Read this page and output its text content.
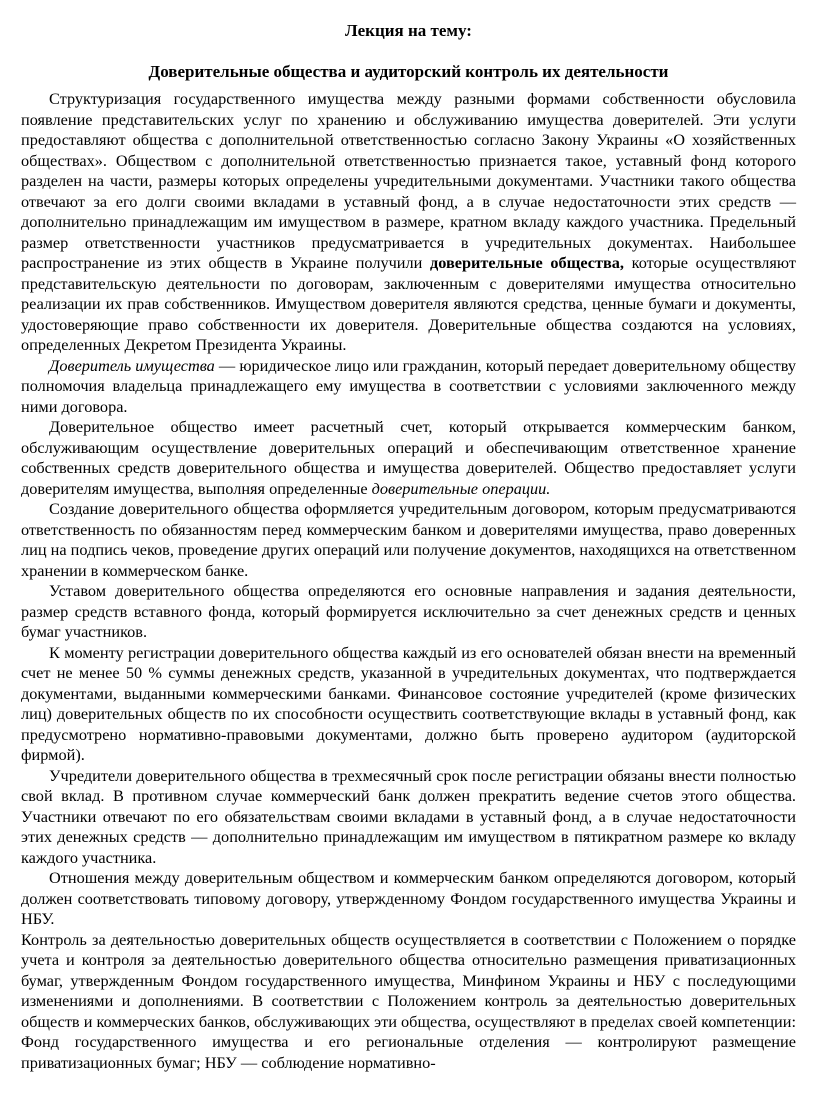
Лекция на тему:
Доверительные общества и аудиторский контроль их деятельности

Структуризация государственного имущества между разными формами собственности обусловила появление представительских услуг по хранению и обслуживанию имущества доверителей. Эти услуги предоставляют общества с дополнительной ответственностью согласно Закону Украины «О хозяйственных обществах». Обществом с дополнительной ответственностью признается такое, уставный фонд которого разделен на части, размеры которых определены учредительными документами. Участники такого общества отвечают за его долги своими вкладами в уставный фонд, а в случае недостаточности этих средств — дополнительно принадлежащим им имуществом в размере, кратном вкладу каждого участника. Предельный размер ответственности участников предусматривается в учредительных документах. Наибольшее распространение из этих обществ в Украине получили доверительные общества, которые осуществляют представительскую деятельности по договорам, заключенным с доверителями имущества относительно реализации их прав собственников. Имуществом доверителя являются средства, ценные бумаги и документы, удостоверяющие право собственности их доверителя. Доверительные общества создаются на условиях, определенных Декретом Президента Украины.

Доверитель имущества — юридическое лицо или гражданин, который передает доверительному обществу полномочия владельца принадлежащего ему имущества в соответствии с условиями заключенного между ними договора.

Доверительное общество имеет расчетный счет, который открывается коммерческим банком, обслуживающим осуществление доверительных операций и обеспечивающим ответственное хранение собственных средств доверительного общества и имущества доверителей. Общество предоставляет услуги доверителям имущества, выполняя определенные доверительные операции.

Создание доверительного общества оформляется учредительным договором, которым предусматриваются ответственность по обязанностям перед коммерческим банком и доверителями имущества, право доверенных лиц на подпись чеков, проведение других операций или получение документов, находящихся на ответственном хранении в коммерческом банке.

Уставом доверительного общества определяются его основные направления и задания деятельности, размер средств вставного фонда, который формируется исключительно за счет денежных средств и ценных бумаг участников.

К моменту регистрации доверительного общества каждый из его основателей обязан внести на временный счет не менее 50 % суммы денежных средств, указанной в учредительных документах, что подтверждается документами, выданными коммерческими банками. Финансовое состояние учредителей (кроме физических лиц) доверительных обществ по их способности осуществить соответствующие вклады в уставный фонд, как предусмотрено нормативно-правовыми документами, должно быть проверено аудитором (аудиторской фирмой).

Учредители доверительного общества в трехмесячный срок после регистрации обязаны внести полностью свой вклад. В противном случае коммерческий банк должен прекратить ведение счетов этого общества. Участники отвечают по его обязательствам своими вкладами в уставный фонд, а в случае недостаточности этих денежных средств — дополнительно принадлежащим им имуществом в пятикратном размере ко вкладу каждого участника.

Отношения между доверительным обществом и коммерческим банком определяются договором, который должен соответствовать типовому договору, утвержденному Фондом государственного имущества Украины и НБУ.

Контроль за деятельностью доверительных обществ осуществляется в соответствии с Положением о порядке учета и контроля за деятельностью доверительного общества относительно размещения приватизационных бумаг, утвержденным Фондом государственного имущества, Минфином Украины и НБУ с последующими изменениями и дополнениями. В соответствии с Положением контроль за деятельностью доверительных обществ и коммерческих банков, обслуживающих эти общества, осуществляют в пределах своей компетенции: Фонд государственного имущества и его региональные отделения — контролируют размещение приватизационных бумаг; НБУ — соблюдение нормативно-
